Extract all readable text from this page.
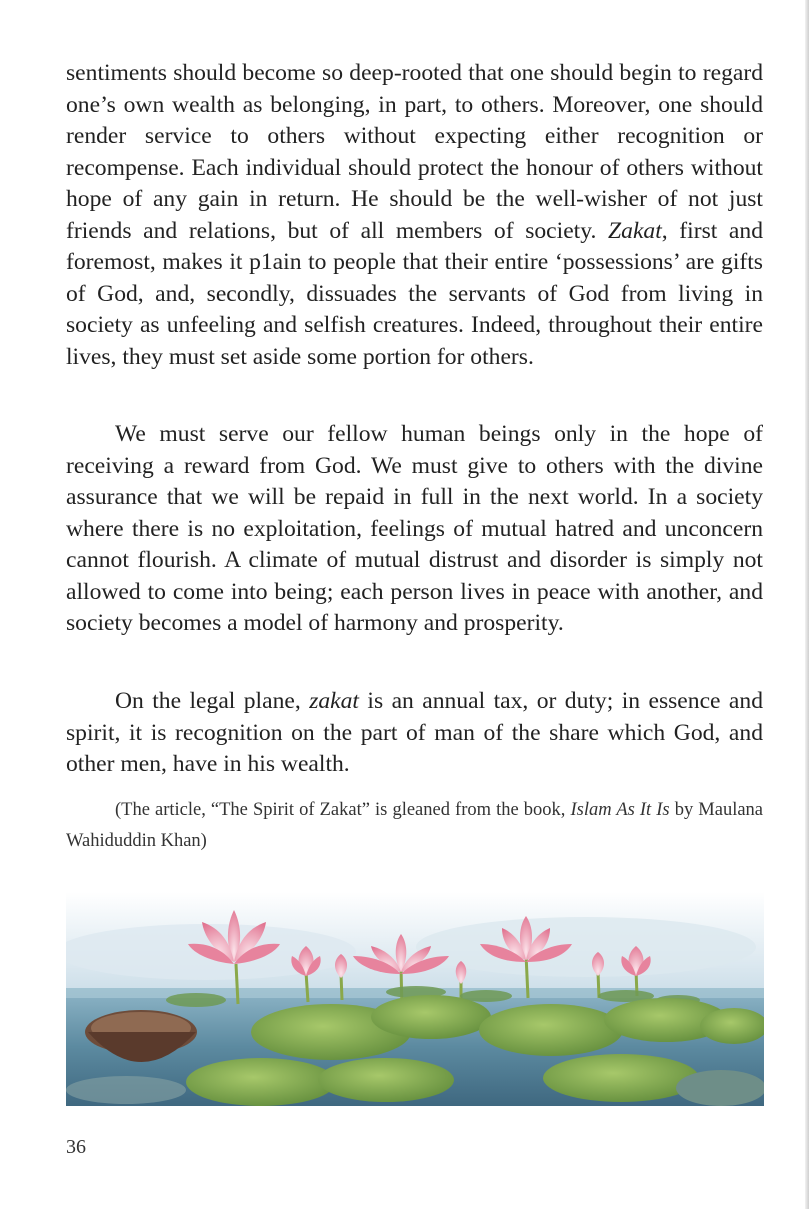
sentiments should become so deep-rooted that one should begin to regard one’s own wealth as belonging, in part, to others. Moreover, one should render service to others without expecting either recognition or recompense. Each individual should protect the honour of others without hope of any gain in return. He should be the well-wisher of not just friends and relations, but of all members of society. Zakat, first and foremost, makes it p1ain to people that their entire ‘possessions’ are gifts of God, and, secondly, dissuades the servants of God from living in society as unfeeling and selfish creatures. Indeed, throughout their entire lives, they must set aside some portion for others.

We must serve our fellow human beings only in the hope of receiving a reward from God. We must give to others with the divine assurance that we will be repaid in full in the next world. In a society where there is no exploitation, feelings of mutual hatred and unconcern cannot flourish. A climate of mutual distrust and disorder is simply not allowed to come into being; each person lives in peace with another, and society becomes a model of harmony and prosperity.

On the legal plane, zakat is an annual tax, or duty; in essence and spirit, it is recognition on the part of man of the share which God, and other men, have in his wealth.

(The article, “The Spirit of Zakat” is gleaned from the book, Islam As It Is by Maulana Wahiduddin Khan)

36
